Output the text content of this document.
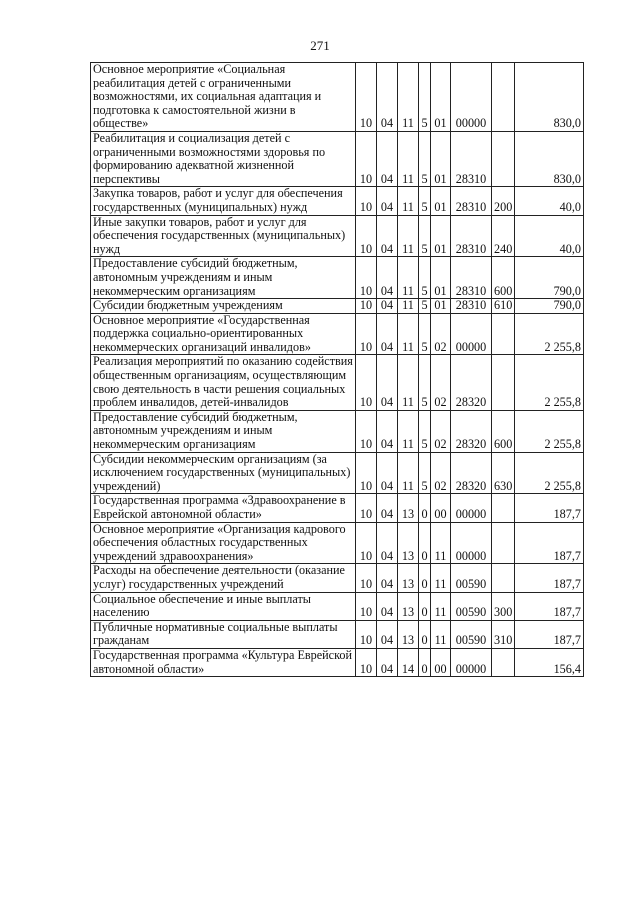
271
Основное мероприятие «Социальная реабилитация детей с ограниченными возможностями, их социальная адаптация и подготовка к самостоятельной жизни в обществе»	10	04	11	5	01	00000		830,0
Реабилитация и социализация детей с ограниченными возможностями здоровья по формированию адекватной жизненной перспективы	10	04	11	5	01	28310		830,0
Закупка товаров, работ и услуг для обеспечения государственных (муниципальных) нужд	10	04	11	5	01	28310	200	40,0
Иные закупки товаров, работ и услуг для обеспечения государственных (муниципальных) нужд	10	04	11	5	01	28310	240	40,0
Предоставление субсидий бюджетным, автономным учреждениям и иным некоммерческим организациям	10	04	11	5	01	28310	600	790,0
Субсидии бюджетным учреждениям	10	04	11	5	01	28310	610	790,0
Основное мероприятие «Государственная поддержка социально-ориентированных некоммерческих организаций инвалидов»	10	04	11	5	02	00000		2 255,8
Реализация мероприятий по оказанию содействия общественным организациям, осуществляющим свою деятельность в части решения социальных проблем инвалидов, детей-инвалидов	10	04	11	5	02	28320		2 255,8
Предоставление субсидий бюджетным, автономным учреждениям и иным некоммерческим организациям	10	04	11	5	02	28320	600	2 255,8
Субсидии некоммерческим организациям (за исключением государственных (муниципальных) учреждений)	10	04	11	5	02	28320	630	2 255,8
Государственная программа «Здравоохранение в Еврейской автономной области»	10	04	13	0	00	00000		187,7
Основное мероприятие «Организация кадрового обеспечения областных государственных учреждений здравоохранения»	10	04	13	0	11	00000		187,7
Расходы на обеспечение деятельности (оказание услуг) государственных учреждений	10	04	13	0	11	00590		187,7
Социальное обеспечение и иные выплаты населению	10	04	13	0	11	00590	300	187,7
Публичные нормативные социальные выплаты гражданам	10	04	13	0	11	00590	310	187,7
Государственная программа «Культура Еврейской автономной области»	10	04	14	0	00	00000		156,4
